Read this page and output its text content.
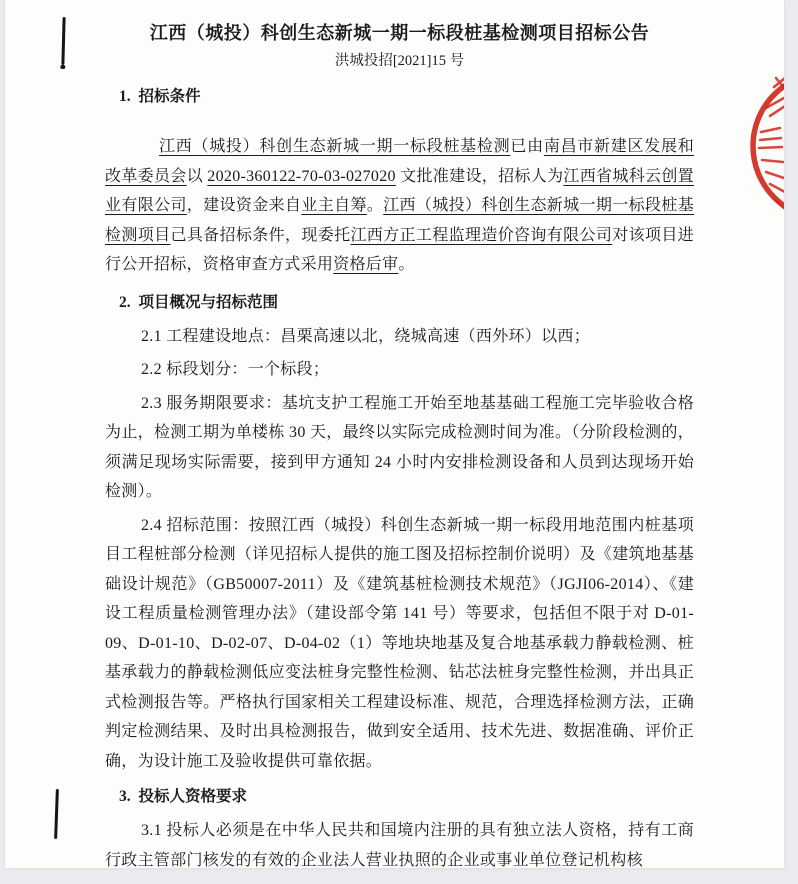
江西（城投）科创生态新城一期一标段桩基检测项目招标公告
洪城投招[2021]15 号
1. 招标条件

江西（城投）科创生态新城一期一标段桩基检测已由南昌市新建区发展和改革委员会以 2020-360122-70-03-027020 文批准建设，招标人为江西省城科云创置业有限公司，建设资金来自业主自筹。江西（城投）科创生态新城一期一标段桩基检测项目己具备招标条件，现委托江西方正工程监理造价咨询有限公司对该项目进行公开招标，资格审查方式采用资格后审。

2. 项目概况与招标范围

2.1 工程建设地点：昌栗高速以北，绕城高速（西外环）以西；

2.2 标段划分：一个标段；

2.3 服务期限要求：基坑支护工程施工开始至地基基础工程施工完毕验收合格为止，检测工期为单楼栋 30 天，最终以实际完成检测时间为准。（分阶段检测的，须满足现场实际需要，接到甲方通知 24 小时内安排检测设备和人员到达现场开始检测）。

2.4 招标范围：按照江西（城投）科创生态新城一期一标段用地范围内桩基项目工程桩部分检测（详见招标人提供的施工图及招标控制价说明）及《建筑地基基础设计规范》（GB50007-2011）及《建筑基桩检测技术规范》（JGJI06-2014）、《建设工程质量检测管理办法》（建设部令第 141 号）等要求，包括但不限于对 D-01-09、D-01-10、D-02-07、D-04-02（1）等地块地基及复合地基承载力静载检测、桩基承载力的静载检测低应变法桩身完整性检测、钻芯法桩身完整性检测，并出具正式检测报告等。严格执行国家相关工程建设标准、规范，合理选择检测方法，正确判定检测结果、及时出具检测报告，做到安全适用、技术先进、数据准确、评价正确，为设计施工及验收提供可靠依据。

3. 投标人资格要求

3.1 投标人必须是在中华人民共和国境内注册的具有独立法人资格，持有工商行政主管部门核发的有效的企业法人营业执照的企业或事业单位登记机构核
